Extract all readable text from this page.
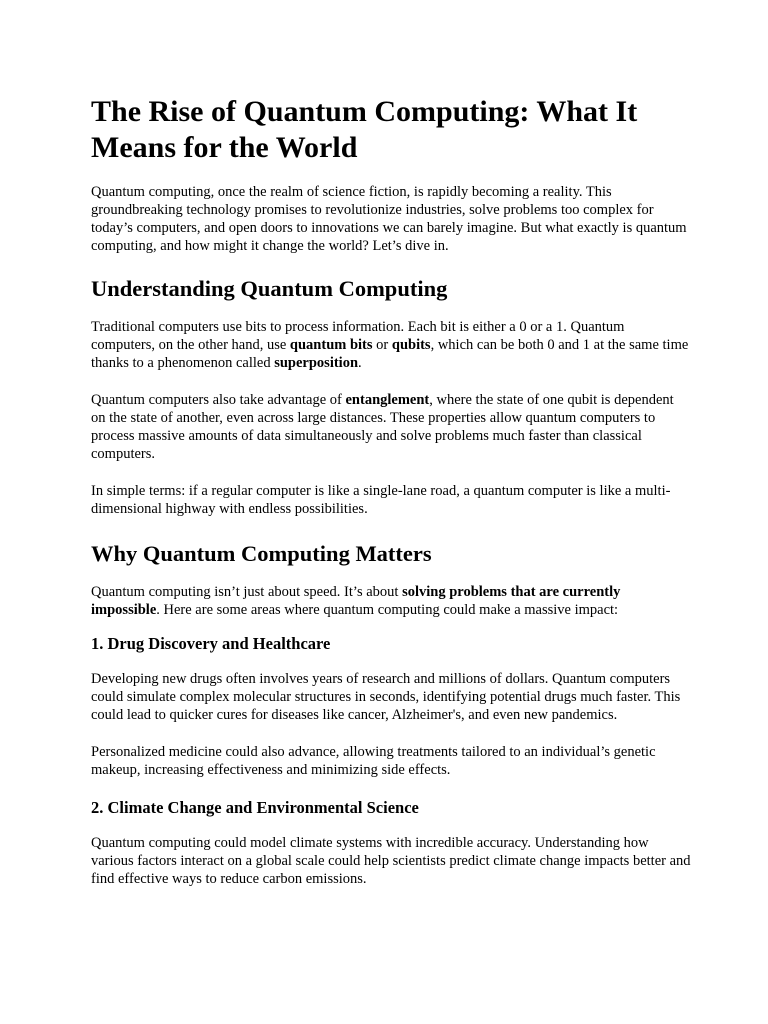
The Rise of Quantum Computing: What It Means for the World

Quantum computing, once the realm of science fiction, is rapidly becoming a reality. This groundbreaking technology promises to revolutionize industries, solve problems too complex for today’s computers, and open doors to innovations we can barely imagine. But what exactly is quantum computing, and how might it change the world? Let’s dive in.

Understanding Quantum Computing

Traditional computers use bits to process information. Each bit is either a 0 or a 1. Quantum computers, on the other hand, use quantum bits or qubits, which can be both 0 and 1 at the same time thanks to a phenomenon called superposition.

Quantum computers also take advantage of entanglement, where the state of one qubit is dependent on the state of another, even across large distances. These properties allow quantum computers to process massive amounts of data simultaneously and solve problems much faster than classical computers.

In simple terms: if a regular computer is like a single-lane road, a quantum computer is like a multi-dimensional highway with endless possibilities.

Why Quantum Computing Matters

Quantum computing isn’t just about speed. It’s about solving problems that are currently impossible. Here are some areas where quantum computing could make a massive impact:

1. Drug Discovery and Healthcare

Developing new drugs often involves years of research and millions of dollars. Quantum computers could simulate complex molecular structures in seconds, identifying potential drugs much faster. This could lead to quicker cures for diseases like cancer, Alzheimer's, and even new pandemics.

Personalized medicine could also advance, allowing treatments tailored to an individual’s genetic makeup, increasing effectiveness and minimizing side effects.

2. Climate Change and Environmental Science

Quantum computing could model climate systems with incredible accuracy. Understanding how various factors interact on a global scale could help scientists predict climate change impacts better and find effective ways to reduce carbon emissions.
